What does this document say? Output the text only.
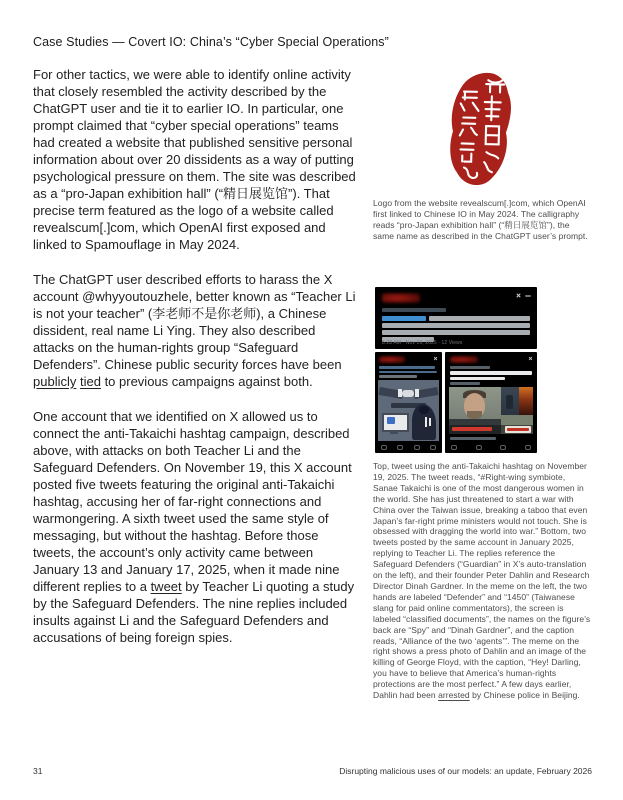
Case Studies — Covert IO: China’s “Cyber Special Operations”

For other tactics, we were able to identify online activity that closely resembled the activity described by the ChatGPT user and tie it to earlier IO. In particular, one prompt claimed that “cyber special operations” teams had created a website that published sensitive personal information about over 20 dissidents as a way of putting psychological pressure on them. The site was described as a “pro-Japan exhibition hall” (“精日展览馆”). That precise term featured as the logo of a website called revealscum[.]com, which OpenAI first exposed and linked to Spamouflage in May 2024.

The ChatGPT user described efforts to harass the X account @whyyoutouzhele, better known as “Teacher Li is not your teacher” (李老师不是你老师), a Chinese dissident, real name Li Ying. They also described attacks on the human-rights group “Safeguard Defenders”. Chinese public security forces have been publicly tied to previous campaigns against both.

One account that we identified on X allowed us to connect the anti-Takaichi hashtag campaign, described above, with attacks on both Teacher Li and the Safeguard Defenders. On November 19, this X account posted five tweets featuring the original anti-Takaichi hashtag, accusing her of far-right connections and warmongering. A sixth tweet used the same style of messaging, but without the hashtag. Before those tweets, the account’s only activity came between January 13 and January 17, 2025, when it made nine different replies to a tweet by Teacher Li quoting a study by the Safeguard Defenders. The nine replies included insults against Li and the Safeguard Defenders and accusations of being foreign spies.

Logo from the website revealscum[.]com, which OpenAI first linked to Chinese IO in May 2024. The calligraphy reads “pro-Japan exhibition hall” (“精日展览馆”), the same name as described in the ChatGPT user’s prompt.
8:28 AM · Nov 19, 2025 · 12 Views
Top, tweet using the anti-Takaichi hashtag on November 19, 2025. The tweet reads, “#Right-wing symbiote, Sanae Takaichi is one of the most dangerous women in the world. She has just threatened to start a war with China over the Taiwan issue, breaking a taboo that even Japan’s far-right prime ministers would not touch. She is obsessed with dragging the world into war.” Bottom, two tweets posted by the same account in January 2025, replying to Teacher Li. The replies reference the Safeguard Defenders (“Guardian” in X’s auto-translation on the left), and their founder Peter Dahlin and Research Director Dinah Gardner. In the meme on the left, the two hands are labeled “Defender” and “1450” (Taiwanese slang for paid online commentators), the screen is labeled “classified documents”, the names on the figure’s back are “Spy” and “Dinah Gardner”, and the caption reads, “Alliance of the two ‘agents’”. The meme on the right shows a press photo of Dahlin and an image of the killing of George Floyd, with the caption, “Hey! Darling, you have to believe that America’s human-rights protections are the most perfect.” A few days earlier, Dahlin had been arrested by Chinese police in Beijing.
31	Disrupting malicious uses of our models: an update, February 2026
